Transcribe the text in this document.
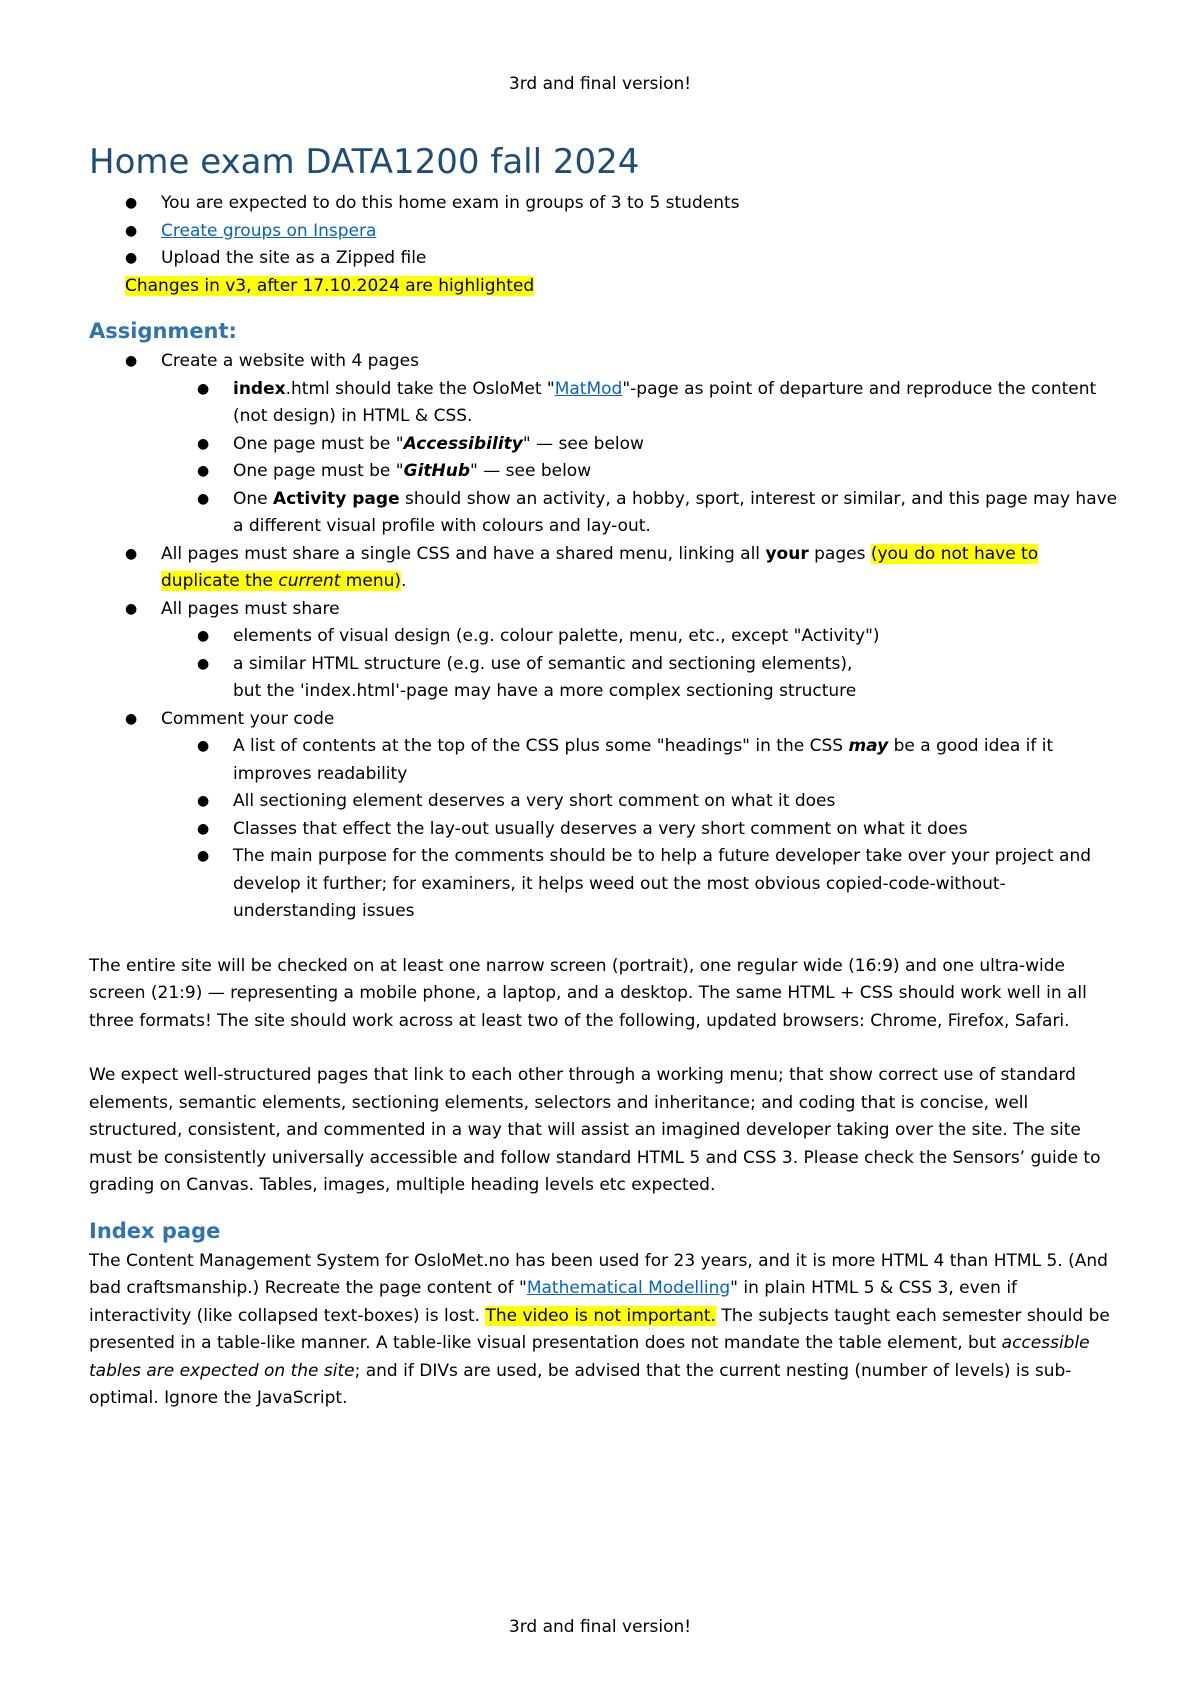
3rd and final version!
Home exam DATA1200 fall 2024
● You are expected to do this home exam in groups of 3 to 5 students
● Create groups on Inspera
● Upload the site as a Zipped file
Changes in v3, after 17.10.2024 are highlighted
Assignment:
● Create a website with 4 pages
● index.html should take the OsloMet "MatMod"-page as point of departure and reproduce the content (not design) in HTML & CSS.
● One page must be "Accessibility" — see below
● One page must be "GitHub" — see below
● One Activity page should show an activity, a hobby, sport, interest or similar, and this page may have a different visual profile with colours and lay-out.
● All pages must share a single CSS and have a shared menu, linking all your pages (you do not have to duplicate the current menu).
● All pages must share
● elements of visual design (e.g. colour palette, menu, etc., except "Activity")
● a similar HTML structure (e.g. use of semantic and sectioning elements),
but the 'index.html'-page may have a more complex sectioning structure
● Comment your code
● A list of contents at the top of the CSS plus some "headings" in the CSS may be a good idea if it improves readability
● All sectioning element deserves a very short comment on what it does
● Classes that effect the lay-out usually deserves a very short comment on what it does
● The main purpose for the comments should be to help a future developer take over your project and develop it further; for examiners, it helps weed out the most obvious copied-code-without-understanding issues

The entire site will be checked on at least one narrow screen (portrait), one regular wide (16:9) and one ultra-wide screen (21:9) — representing a mobile phone, a laptop, and a desktop. The same HTML + CSS should work well in all three formats! The site should work across at least two of the following, updated browsers: Chrome, Firefox, Safari.

We expect well-structured pages that link to each other through a working menu; that show correct use of standard elements, semantic elements, sectioning elements, selectors and inheritance; and coding that is concise, well structured, consistent, and commented in a way that will assist an imagined developer taking over the site. The site must be consistently universally accessible and follow standard HTML 5 and CSS 3. Please check the Sensors’ guide to grading on Canvas. Tables, images, multiple heading levels etc expected.

Index page

The Content Management System for OsloMet.no has been used for 23 years, and it is more HTML 4 than HTML 5. (And bad craftsmanship.) Recreate the page content of "Mathematical Modelling" in plain HTML 5 & CSS 3, even if interactivity (like collapsed text-boxes) is lost. The video is not important. The subjects taught each semester should be presented in a table-like manner. A table-like visual presentation does not mandate the table element, but accessible tables are expected on the site; and if DIVs are used, be advised that the current nesting (number of levels) is sub-optimal. Ignore the JavaScript.

3rd and final version!
